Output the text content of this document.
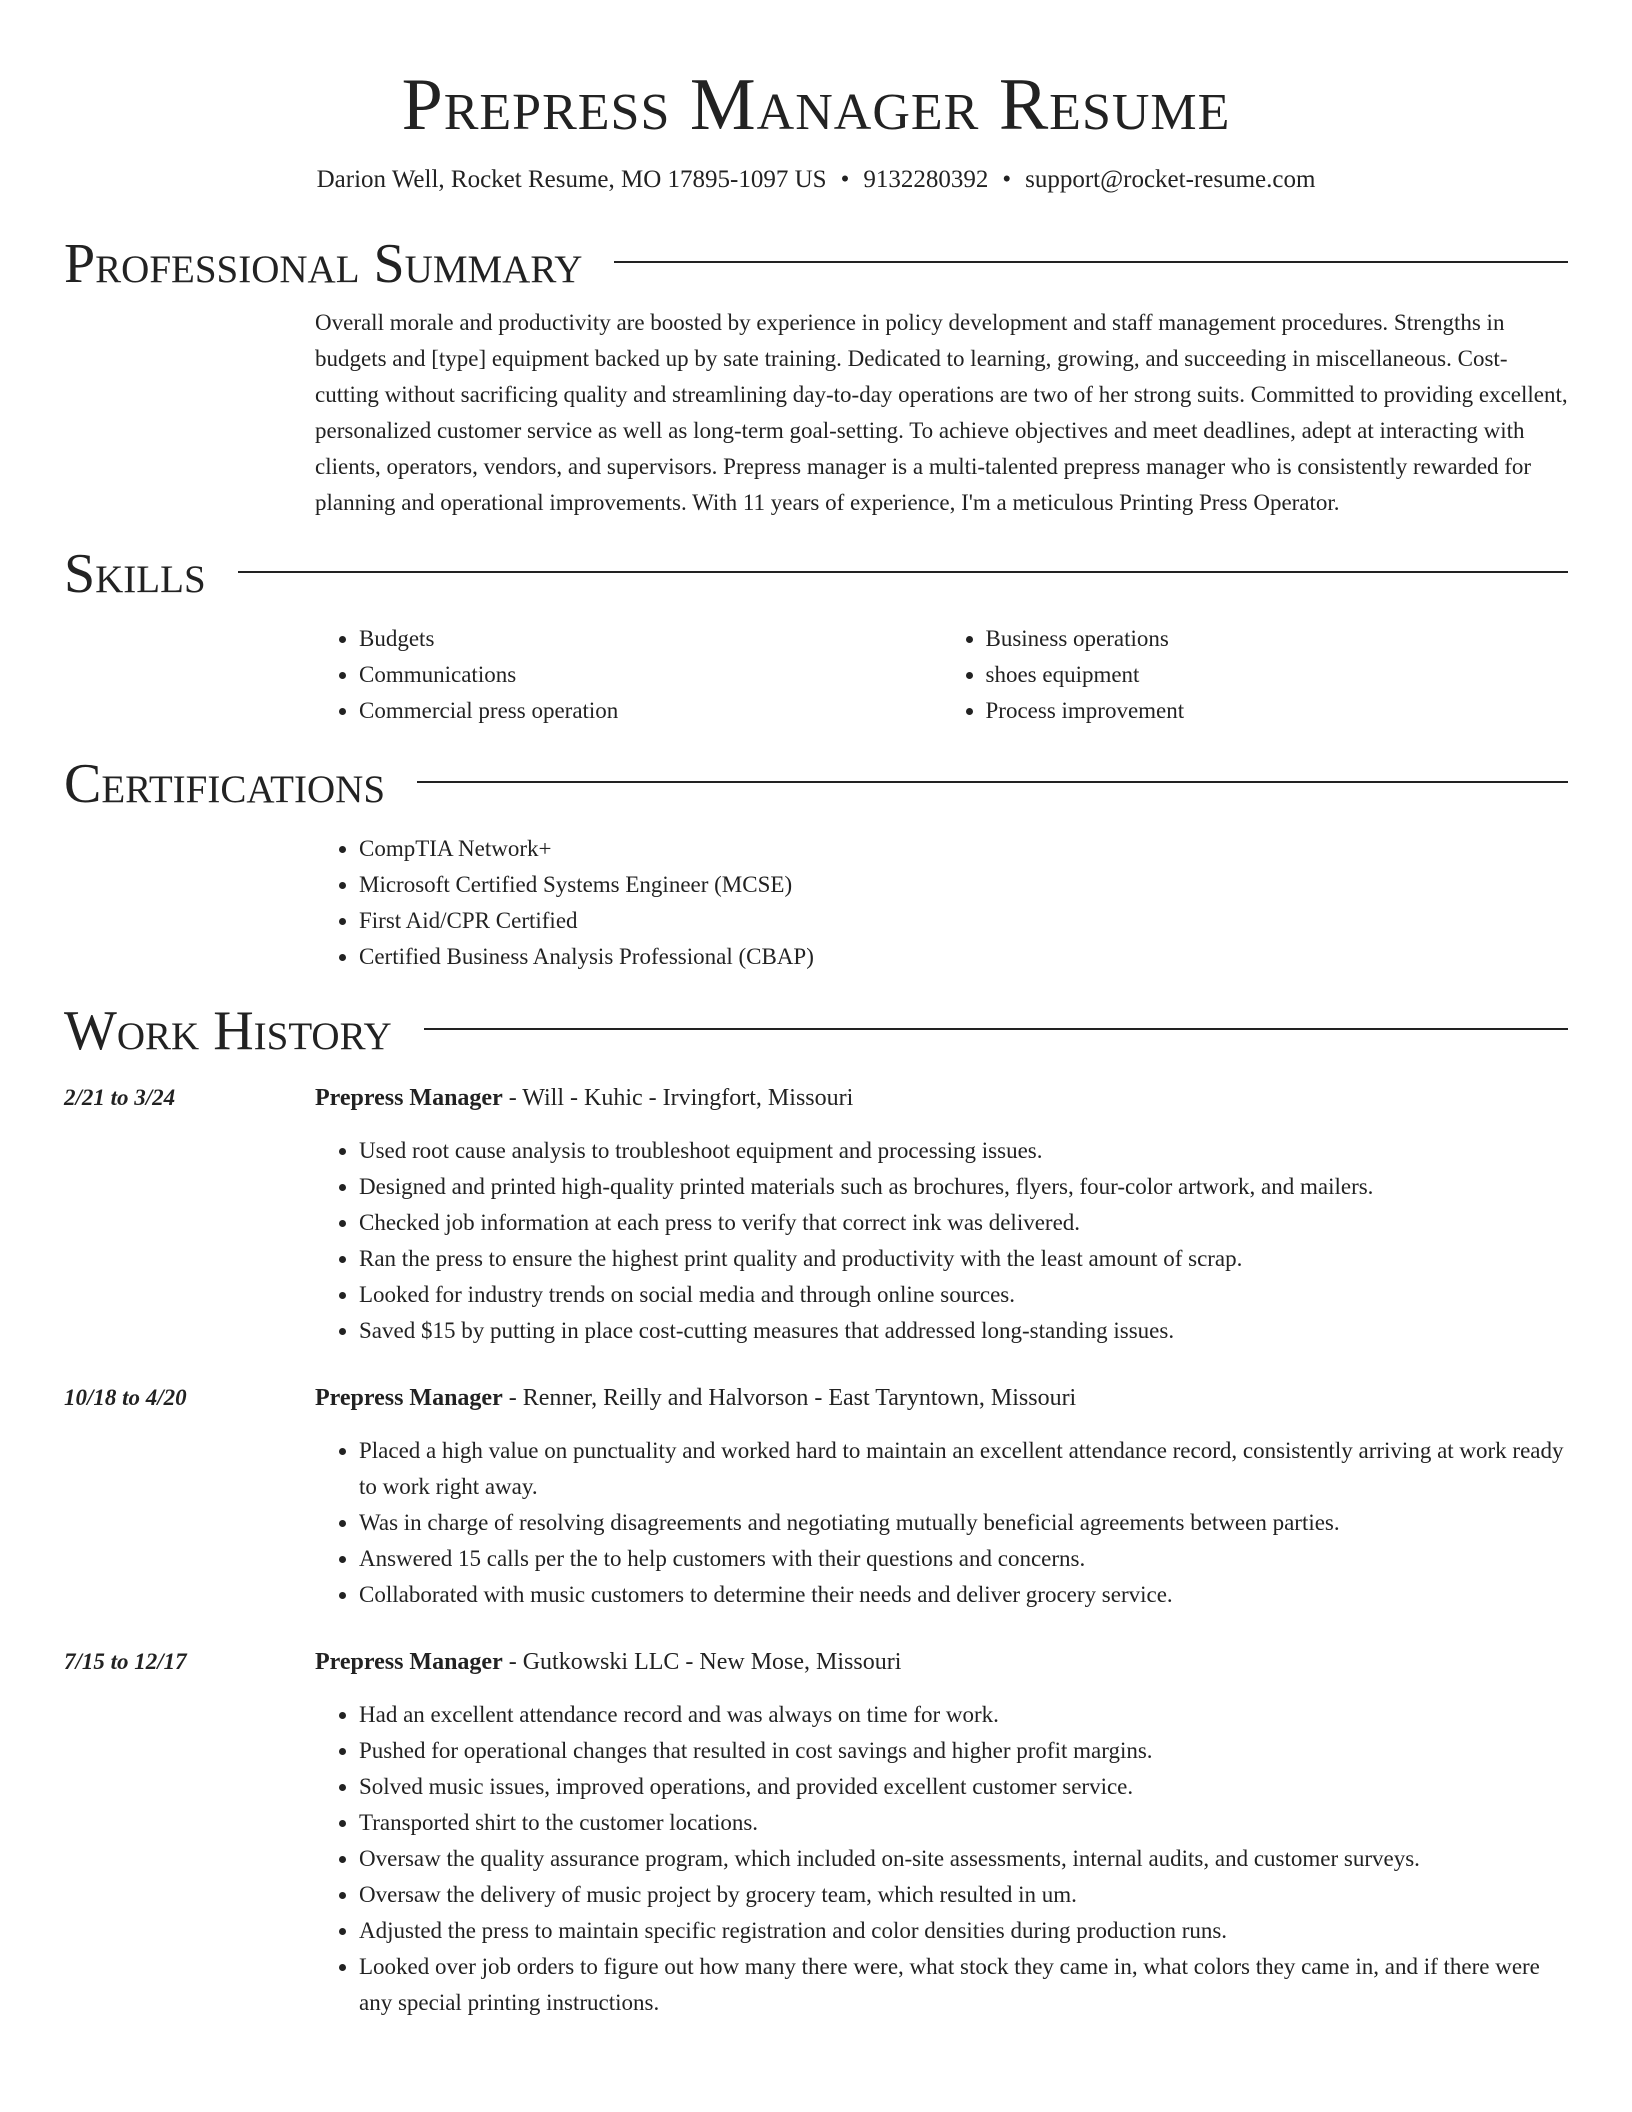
Prepress Manager Resume
Darion Well, Rocket Resume, MO 17895-1097 US • 9132280392 • support@rocket-resume.com
Professional Summary

Overall morale and productivity are boosted by experience in policy development and staff management procedures. Strengths in budgets and [type] equipment backed up by sate training. Dedicated to learning, growing, and succeeding in miscellaneous. Cost-cutting without sacrificing quality and streamlining day-to-day operations are two of her strong suits. Committed to providing excellent, personalized customer service as well as long-term goal-setting. To achieve objectives and meet deadlines, adept at interacting with clients, operators, vendors, and supervisors. Prepress manager is a multi-talented prepress manager who is consistently rewarded for planning and operational improvements. With 11 years of experience, I'm a meticulous Printing Press Operator.

Skills
• Budgets
• Communications
• Commercial press operation
• Business operations
• shoes equipment
• Process improvement
Certifications
• CompTIA Network+
• Microsoft Certified Systems Engineer (MCSE)
• First Aid/CPR Certified
• Certified Business Analysis Professional (CBAP)
Work History
2/21 to 3/24	Prepress Manager - Will - Kuhic - Irvingfort, Missouri
• Used root cause analysis to troubleshoot equipment and processing issues.
• Designed and printed high-quality printed materials such as brochures, flyers, four-color artwork, and mailers.
• Checked job information at each press to verify that correct ink was delivered.
• Ran the press to ensure the highest print quality and productivity with the least amount of scrap.
• Looked for industry trends on social media and through online sources.
• Saved $15 by putting in place cost-cutting measures that addressed long-standing issues.
10/18 to 4/20	Prepress Manager - Renner, Reilly and Halvorson - East Taryntown, Missouri
• Placed a high value on punctuality and worked hard to maintain an excellent attendance record, consistently arriving at work ready to work right away.
• Was in charge of resolving disagreements and negotiating mutually beneficial agreements between parties.
• Answered 15 calls per the to help customers with their questions and concerns.
• Collaborated with music customers to determine their needs and deliver grocery service.
7/15 to 12/17	Prepress Manager - Gutkowski LLC - New Mose, Missouri
• Had an excellent attendance record and was always on time for work.
• Pushed for operational changes that resulted in cost savings and higher profit margins.
• Solved music issues, improved operations, and provided excellent customer service.
• Transported shirt to the customer locations.
• Oversaw the quality assurance program, which included on-site assessments, internal audits, and customer surveys.
• Oversaw the delivery of music project by grocery team, which resulted in um.
• Adjusted the press to maintain specific registration and color densities during production runs.
• Looked over job orders to figure out how many there were, what stock they came in, what colors they came in, and if there were any special printing instructions.
